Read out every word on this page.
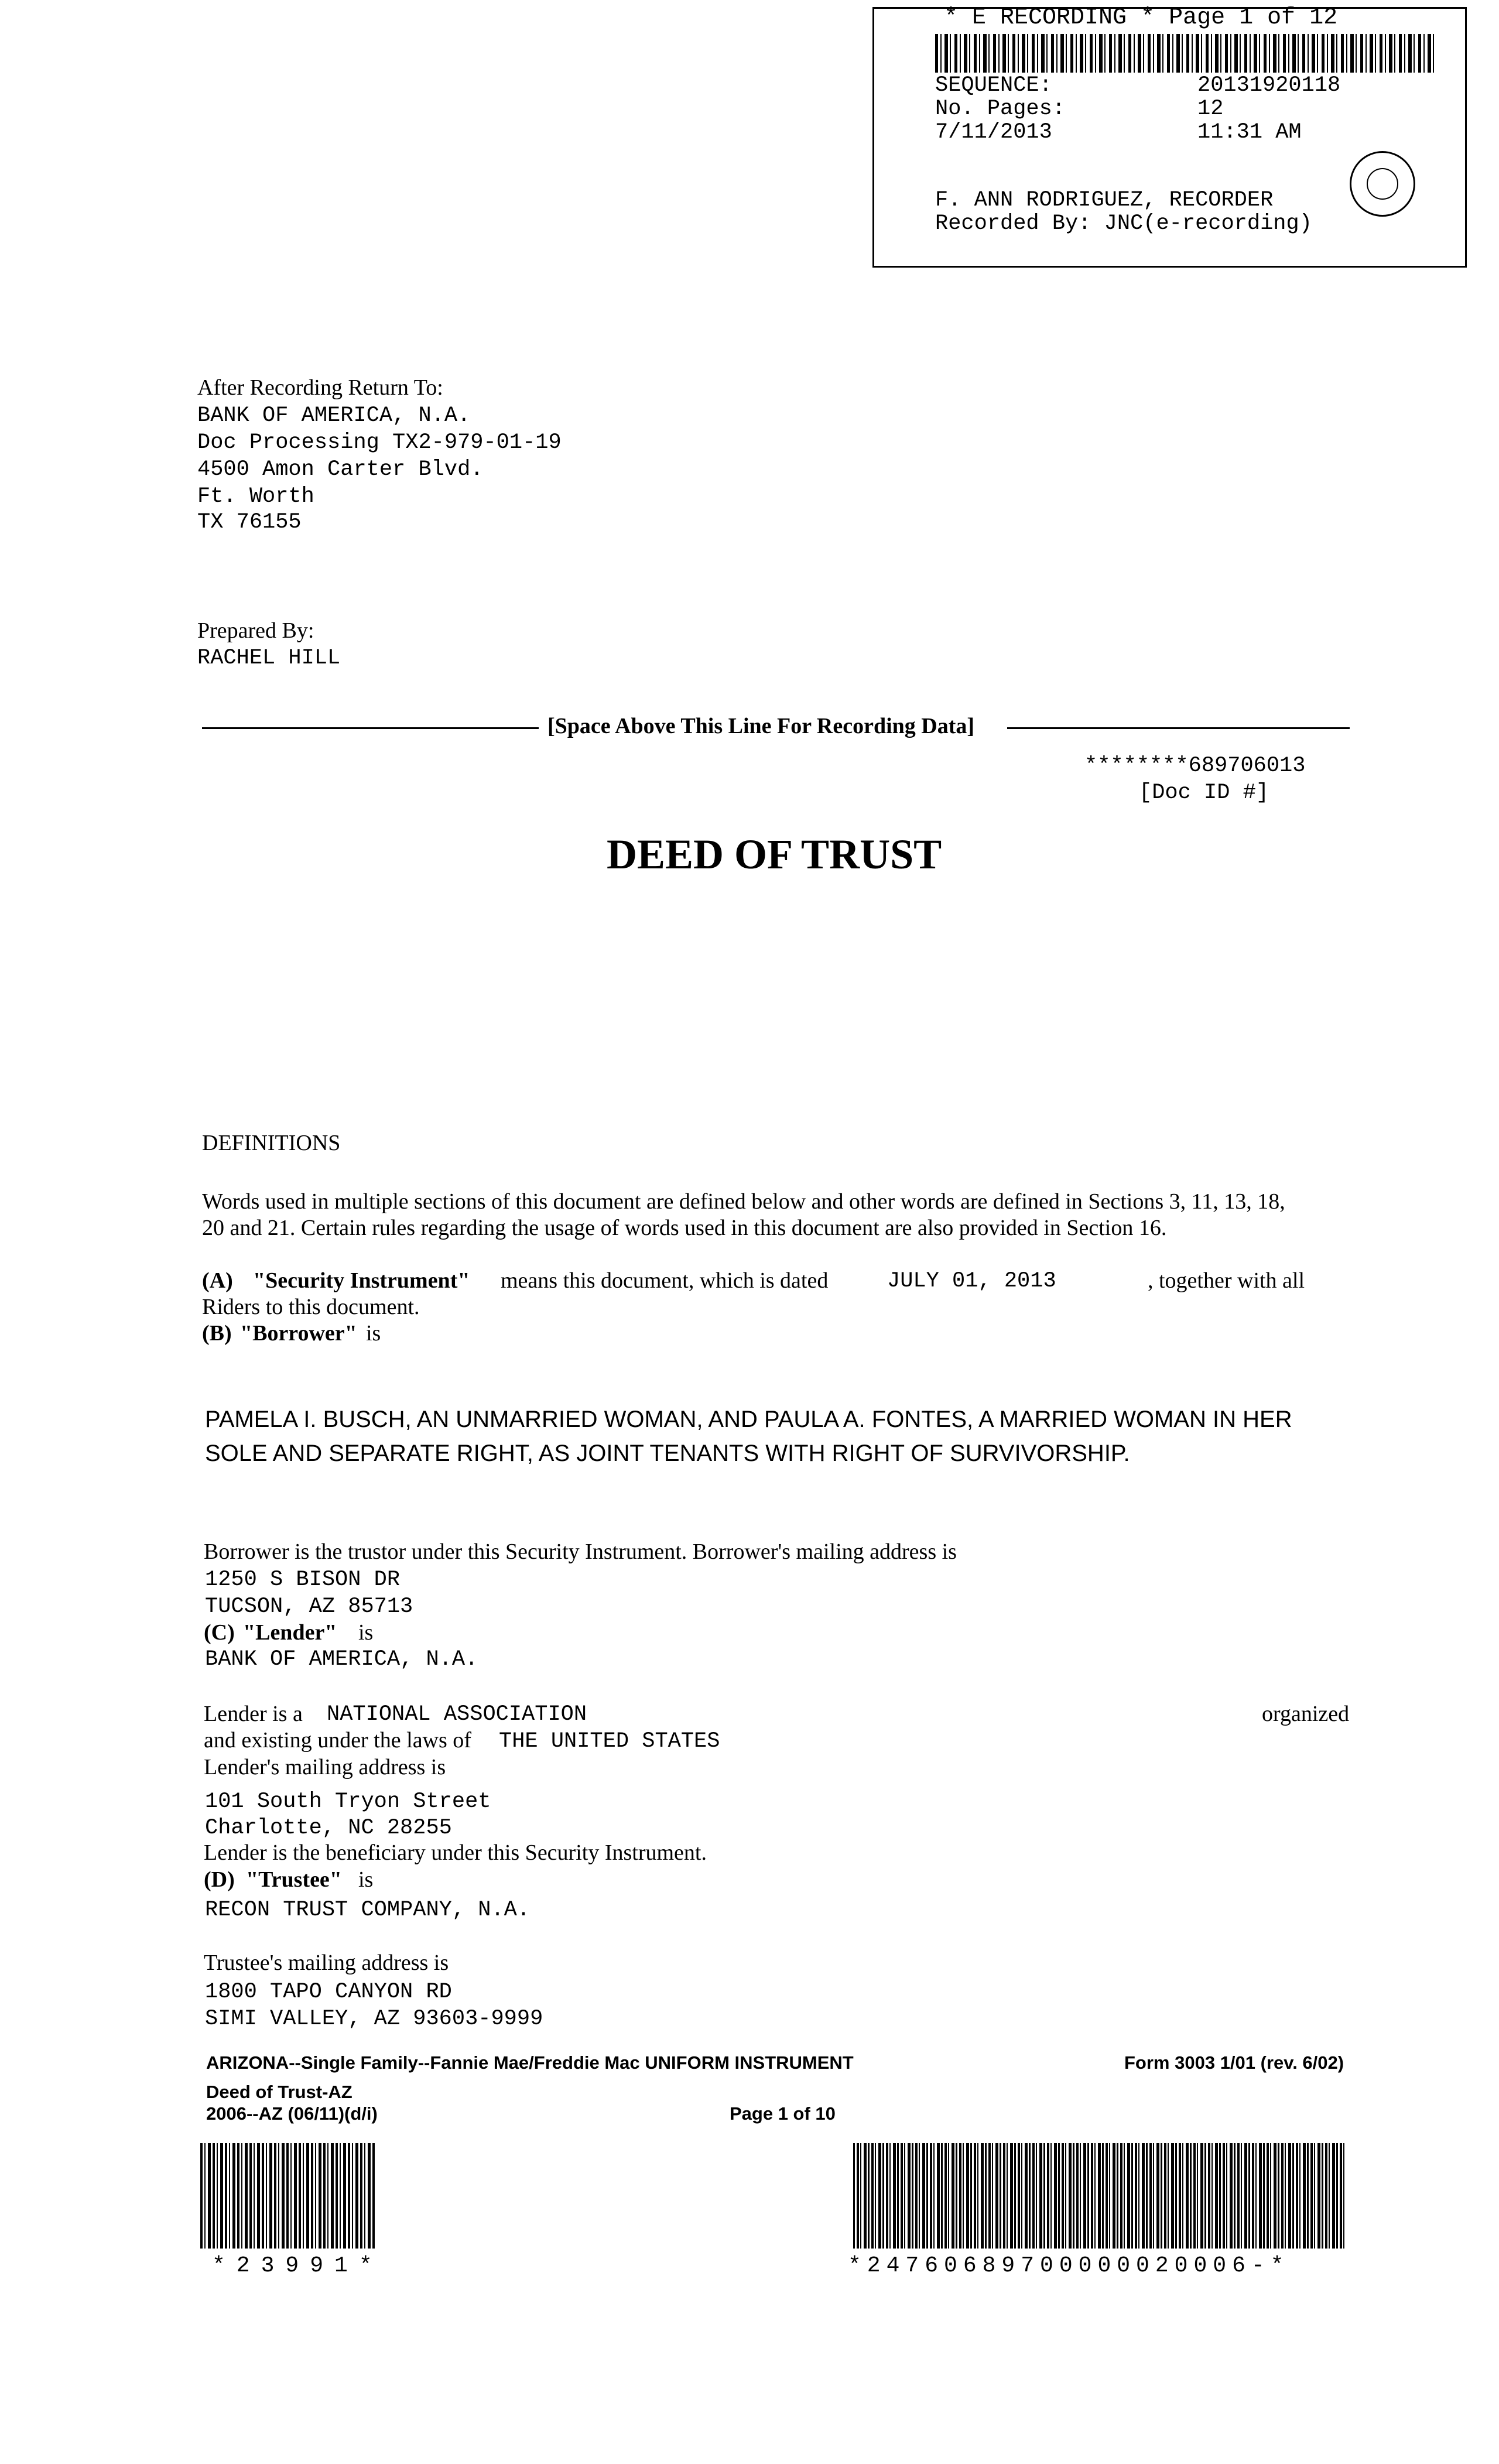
* E RECORDING * Page 1 of 12
SEQUENCE:	20131920118
No. Pages:	12
7/11/2013	11:31 AM
F. ANN RODRIGUEZ, RECORDER
Recorded By: JNC(e-recording)
After Recording Return To:
BANK OF AMERICA, N.A.
Doc Processing TX2-979-01-19
4500 Amon Carter Blvd.
Ft. Worth
TX 76155
Prepared By:
RACHEL HILL
[Space Above This Line For Recording Data]
********689706013
[Doc ID #]
DEED OF TRUST
DEFINITIONS
Words used in multiple sections of this document are defined below and other words are defined in Sections 3, 11, 13, 18,
20 and 21. Certain rules regarding the usage of words used in this document are also provided in Section 16.
(A) "Security Instrument" means this document, which is dated	JULY 01, 2013	, together with all
Riders to this document.
(B) "Borrower" is
PAMELA I. BUSCH, AN UNMARRIED WOMAN, AND PAULA A. FONTES, A MARRIED WOMAN IN HER
SOLE AND SEPARATE RIGHT, AS JOINT TENANTS WITH RIGHT OF SURVIVORSHIP.
Borrower is the trustor under this Security Instrument. Borrower's mailing address is
1250 S BISON DR
TUCSON, AZ 85713
(C) "Lender" is
BANK OF AMERICA, N.A.
Lender is a NATIONAL ASSOCIATION	organized
and existing under the laws of THE UNITED STATES
Lender's mailing address is
101 South Tryon Street
Charlotte, NC 28255
Lender is the beneficiary under this Security Instrument.
(D) "Trustee" is
RECON TRUST COMPANY, N.A.
Trustee's mailing address is
1800 TAPO CANYON RD
SIMI VALLEY, AZ 93603-9999
ARIZONA--Single Family--Fannie Mae/Freddie Mac UNIFORM INSTRUMENT	Form 3003 1/01 (rev. 6/02)
Deed of Trust-AZ
2006--AZ (06/11)(d/i)	Page 1 of 10
*23991*	*24760689700000020006-*
